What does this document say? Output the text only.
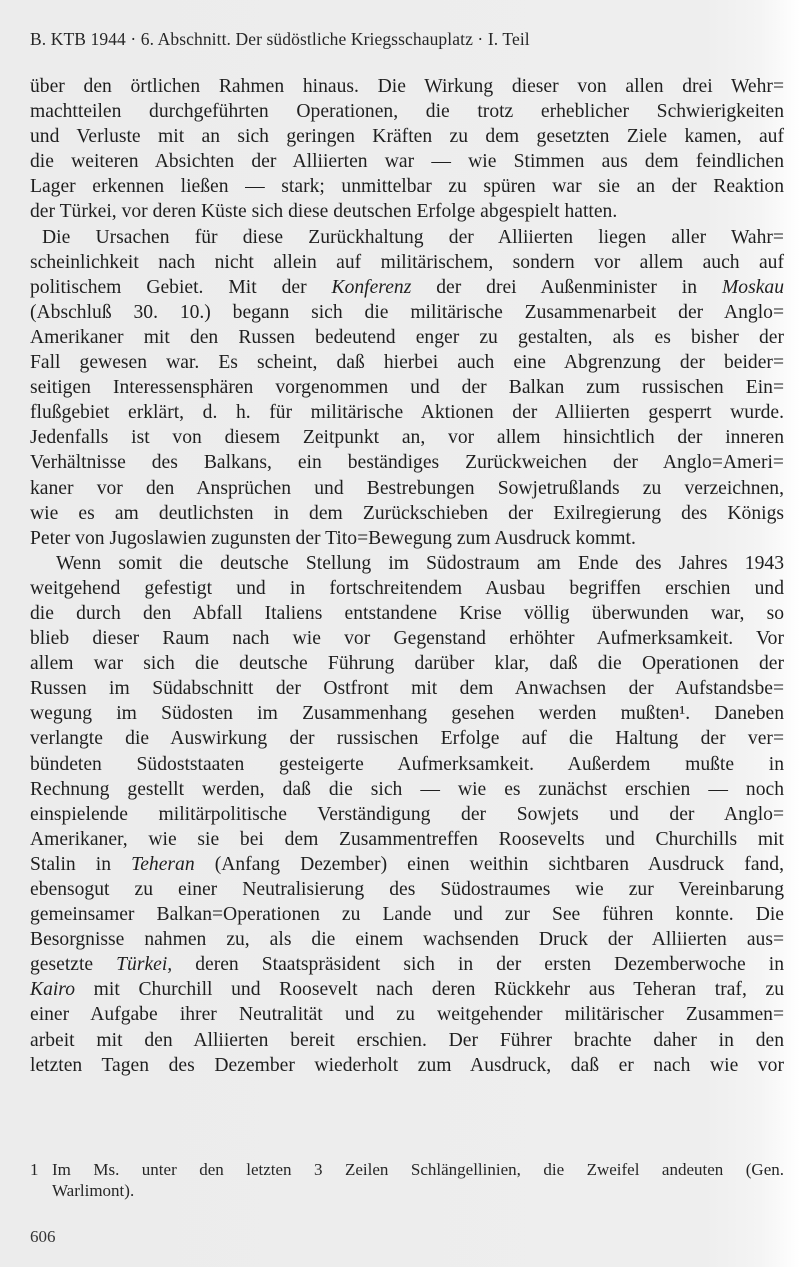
B. KTB 1944 · 6. Abschnitt. Der südöstliche Kriegsschauplatz · I. Teil
über den örtlichen Rahmen hinaus. Die Wirkung dieser von allen drei Wehr=
machtteilen durchgeführten Operationen, die trotz erheblicher Schwierigkeiten
und Verluste mit an sich geringen Kräften zu dem gesetzten Ziele kamen, auf
die weiteren Absichten der Alliierten war — wie Stimmen aus dem feindlichen
Lager erkennen ließen — stark; unmittelbar zu spüren war sie an der Reaktion
der Türkei, vor deren Küste sich diese deutschen Erfolge abgespielt hatten.
Die Ursachen für diese Zurückhaltung der Alliierten liegen aller Wahr=
scheinlichkeit nach nicht allein auf militärischem, sondern vor allem auch auf
politischem Gebiet. Mit der Konferenz der drei Außenminister in Moskau
(Abschluß 30. 10.) begann sich die militärische Zusammenarbeit der Anglo=
Amerikaner mit den Russen bedeutend enger zu gestalten, als es bisher der
Fall gewesen war. Es scheint, daß hierbei auch eine Abgrenzung der beider=
seitigen Interessensphären vorgenommen und der Balkan zum russischen Ein=
flußgebiet erklärt, d. h. für militärische Aktionen der Alliierten gesperrt wurde.
Jedenfalls ist von diesem Zeitpunkt an, vor allem hinsichtlich der inneren
Verhältnisse des Balkans, ein beständiges Zurückweichen der Anglo=Ameri=
kaner vor den Ansprüchen und Bestrebungen Sowjetrußlands zu verzeichnen,
wie es am deutlichsten in dem Zurückschieben der Exilregierung des Königs
Peter von Jugoslawien zugunsten der Tito=Bewegung zum Ausdruck kommt.
Wenn somit die deutsche Stellung im Südostraum am Ende des Jahres 1943
weitgehend gefestigt und in fortschreitendem Ausbau begriffen erschien und
die durch den Abfall Italiens entstandene Krise völlig überwunden war, so
blieb dieser Raum nach wie vor Gegenstand erhöhter Aufmerksamkeit. Vor
allem war sich die deutsche Führung darüber klar, daß die Operationen der
Russen im Südabschnitt der Ostfront mit dem Anwachsen der Aufstandsbe=
wegung im Südosten im Zusammenhang gesehen werden mußten¹. Daneben
verlangte die Auswirkung der russischen Erfolge auf die Haltung der ver=
bündeten Südoststaaten gesteigerte Aufmerksamkeit. Außerdem mußte in
Rechnung gestellt werden, daß die sich — wie es zunächst erschien — noch
einspielende militärpolitische Verständigung der Sowjets und der Anglo=
Amerikaner, wie sie bei dem Zusammentreffen Roosevelts und Churchills mit
Stalin in Teheran (Anfang Dezember) einen weithin sichtbaren Ausdruck fand,
ebensogut zu einer Neutralisierung des Südostraumes wie zur Vereinbarung
gemeinsamer Balkan=Operationen zu Lande und zur See führen konnte. Die
Besorgnisse nahmen zu, als die einem wachsenden Druck der Alliierten aus=
gesetzte Türkei, deren Staatspräsident sich in der ersten Dezemberwoche in
Kairo mit Churchill und Roosevelt nach deren Rückkehr aus Teheran traf, zu
einer Aufgabe ihrer Neutralität und zu weitgehender militärischer Zusammen=
arbeit mit den Alliierten bereit erschien. Der Führer brachte daher in den
letzten Tagen des Dezember wiederholt zum Ausdruck, daß er nach wie vor
1 Im Ms. unter den letzten 3 Zeilen Schlängellinien, die Zweifel andeuten (Gen.
Warlimont).
606
